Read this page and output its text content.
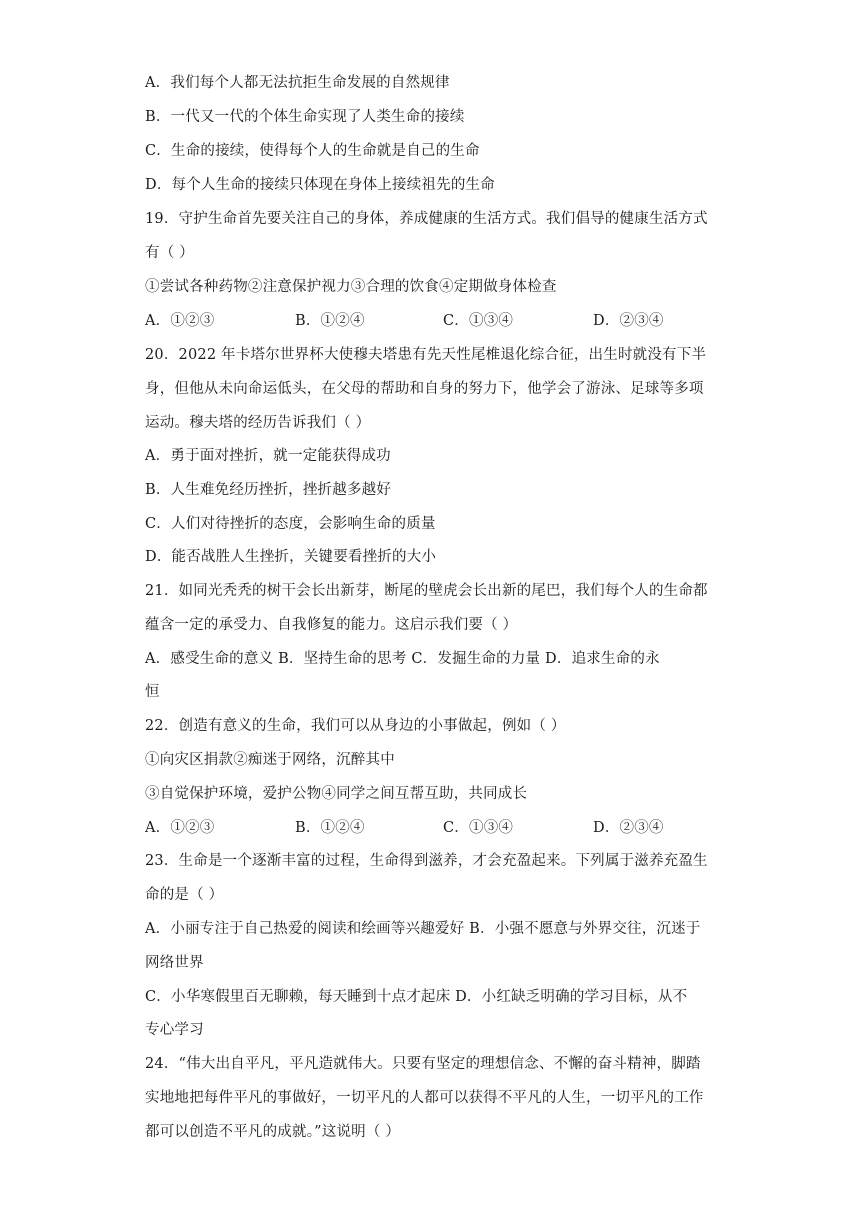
A．我们每个人都无法抗拒生命发展的自然规律
B．一代又一代的个体生命实现了人类生命的接续
C．生命的接续，使得每个人的生命就是自己的生命
D．每个人生命的接续只体现在身体上接续祖先的生命
19．守护生命首先要关注自己的身体，养成健康的生活方式。我们倡导的健康生活方式
有（ ）
①尝试各种药物②注意保护视力③合理的饮食④定期做身体检查
A．①②③	B．①②④	C．①③④	D．②③④
20．2022 年卡塔尔世界杯大使穆夫塔患有先天性尾椎退化综合征，出生时就没有下半
身，但他从未向命运低头，在父母的帮助和自身的努力下，他学会了游泳、足球等多项
运动。穆夫塔的经历告诉我们（ ）
A．勇于面对挫折，就一定能获得成功
B．人生难免经历挫折，挫折越多越好
C．人们对待挫折的态度，会影响生命的质量
D．能否战胜人生挫折，关键要看挫折的大小
21．如同光秃秃的树干会长出新芽，断尾的壁虎会长出新的尾巴，我们每个人的生命都
蕴含一定的承受力、自我修复的能力。这启示我们要（ ）
A．感受生命的意义 B．坚持生命的思考 C．发掘生命的力量 D．追求生命的永
恒
22．创造有意义的生命，我们可以从身边的小事做起，例如（ ）
①向灾区捐款②痴迷于网络，沉醉其中
③自觉保护环境，爱护公物④同学之间互帮互助，共同成长
A．①②③	B．①②④	C．①③④	D．②③④
23．生命是一个逐渐丰富的过程，生命得到滋养，才会充盈起来。下列属于滋养充盈生
命的是（ ）
A．小丽专注于自己热爱的阅读和绘画等兴趣爱好 B．小强不愿意与外界交往，沉迷于
网络世界
C．小华寒假里百无聊赖，每天睡到十点才起床 D．小红缺乏明确的学习目标，从不
专心学习
24．“伟大出自平凡，平凡造就伟大。只要有坚定的理想信念、不懈的奋斗精神，脚踏
实地地把每件平凡的事做好，一切平凡的人都可以获得不平凡的人生，一切平凡的工作
都可以创造不平凡的成就。”这说明（ ）
